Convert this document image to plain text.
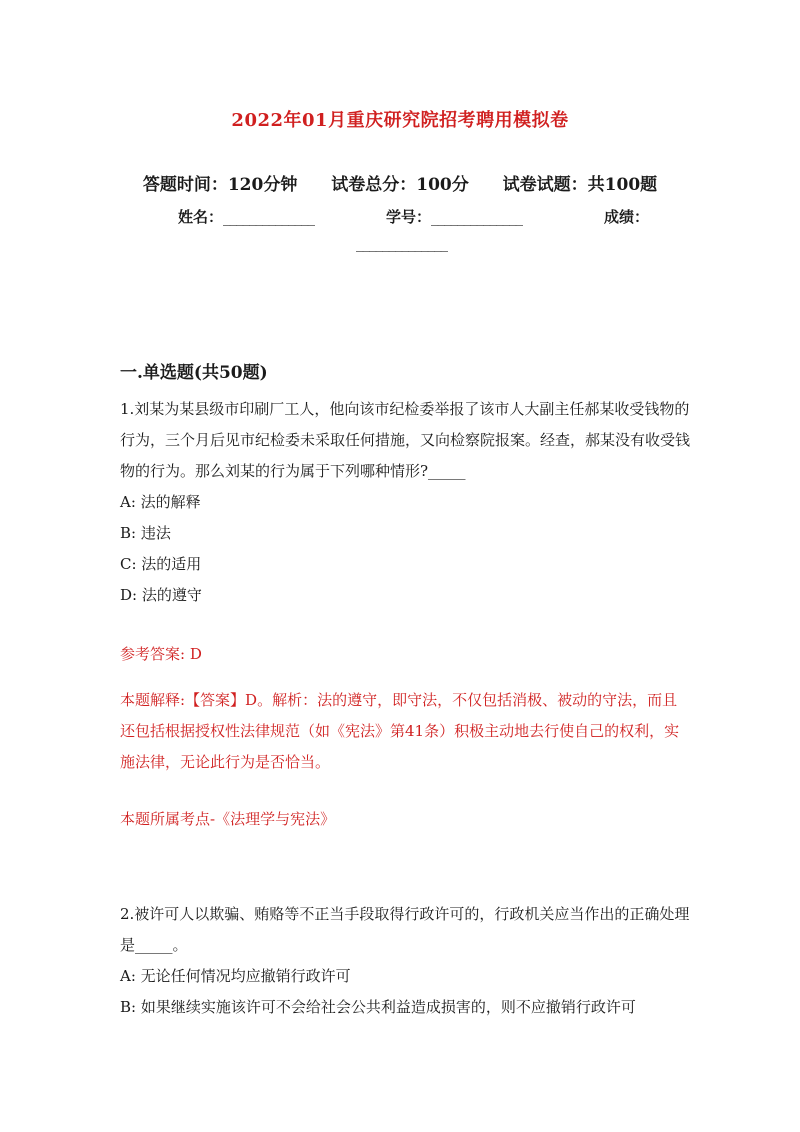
2022年01月重庆研究院招考聘用模拟卷
答题时间：120分钟 试卷总分：100分 试卷试题：共100题
姓名：______________	学号：______________	成绩：
______________
一.单选题(共50题)

1.刘某为某县级市印刷厂工人，他向该市纪检委举报了该市人大副主任郝某收受钱物的行为，三个月后见市纪检委未采取任何措施，又向检察院报案。经查，郝某没有收受钱物的行为。那么刘某的行为属于下列哪种情形?_____

A: 法的解释

B: 违法

C: 法的适用

D: 法的遵守

参考答案: D

本题解释:【答案】D。解析：法的遵守，即守法，不仅包括消极、被动的守法，而且还包括根据授权性法律规范（如《宪法》第41条）积极主动地去行使自己的权利，实施法律，无论此行为是否恰当。

本题所属考点-《法理学与宪法》

2.被许可人以欺骗、贿赂等不正当手段取得行政许可的，行政机关应当作出的正确处理是_____。

A: 无论任何情况均应撤销行政许可

B: 如果继续实施该许可不会给社会公共利益造成损害的，则不应撤销行政许可
